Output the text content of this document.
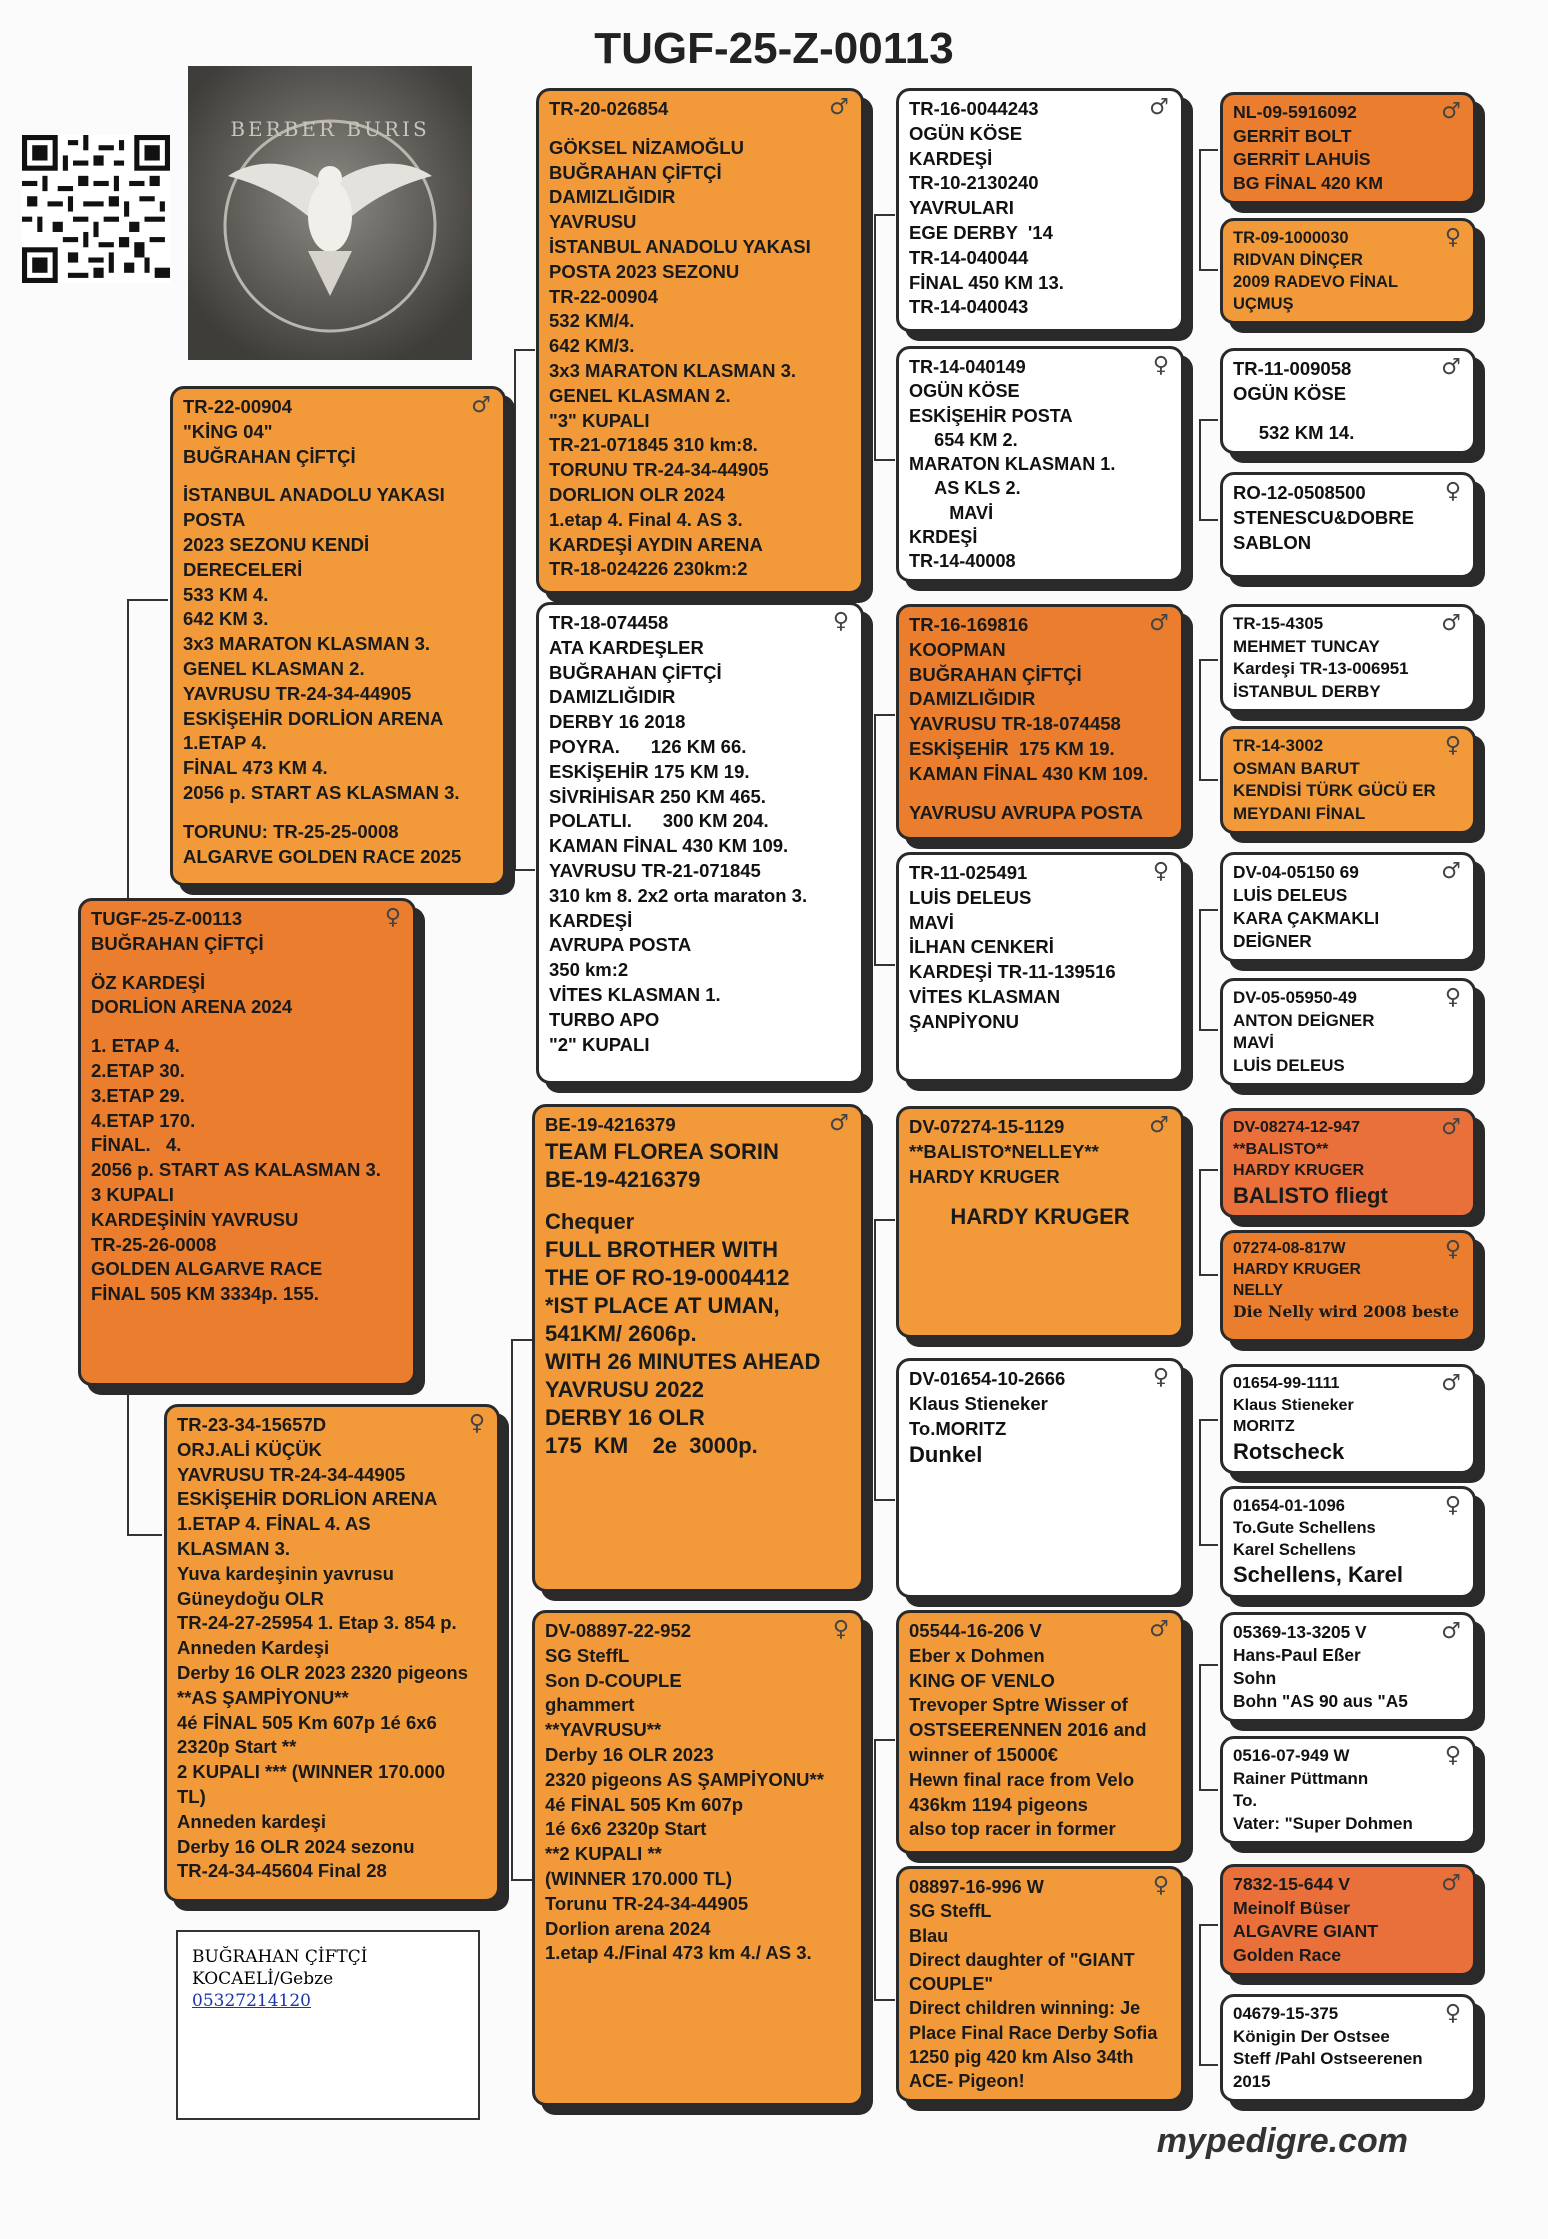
TUGF-25-Z-00113
BERBER BURIS
♀
TUGF-25-Z-00113
BUĞRAHAN ÇİFTÇİ
ÖZ KARDEŞİ
DORLİON ARENA 2024
1. ETAP 4.
2.ETAP 30.
3.ETAP 29.
4.ETAP 170.
FİNAL.   4.
2056 p. START AS KALASMAN 3.
3 KUPALI
KARDEŞİNİN YAVRUSU
TR-25-26-0008
GOLDEN ALGARVE RACE
FİNAL 505 KM 3334p. 155.
♂
TR-22-00904
"KİNG 04"
BUĞRAHAN ÇİFTÇİ
İSTANBUL ANADOLU YAKASI
POSTA
2023 SEZONU KENDİ
DERECELERİ
533 KM 4.
642 KM 3.
3x3 MARATON KLASMAN 3.
GENEL KLASMAN 2.
YAVRUSU TR-24-34-44905
ESKİŞEHİR DORLİON ARENA
1.ETAP 4.
FİNAL 473 KM 4.
2056 p. START AS KLASMAN 3.
TORUNU: TR-25-25-0008
ALGARVE GOLDEN RACE 2025
♀
TR-23-34-15657D
ORJ.ALİ KÜÇÜK
YAVRUSU TR-24-34-44905
ESKİŞEHİR DORLİON ARENA
1.ETAP 4. FİNAL 4. AS
KLASMAN 3.
Yuva kardeşinin yavrusu
Güneydoğu OLR
TR-24-27-25954 1. Etap 3. 854 p.
Anneden Kardeşi
Derby 16 OLR 2023 2320 pigeons
**AS ŞAMPİYONU**
4é FİNAL 505 Km 607p 1é 6x6
2320p Start **
2 KUPALI *** (WINNER 170.000
TL)
Anneden kardeşi
Derby 16 OLR 2024 sezonu
TR-24-34-45604 Final 28
♂
TR-20-026854
GÖKSEL NİZAMOĞLU
BUĞRAHAN ÇİFTÇİ
DAMIZLIĞIDIR
YAVRUSU
İSTANBUL ANADOLU YAKASI
POSTA 2023 SEZONU
TR-22-00904
532 KM/4.
642 KM/3.
3x3 MARATON KLASMAN 3.
GENEL KLASMAN 2.
"3" KUPALI
TR-21-071845 310 km:8.
TORUNU TR-24-34-44905
DORLION OLR 2024
1.etap 4. Final 4. AS 3.
KARDEŞİ AYDIN ARENA
TR-18-024226 230km:2
♀
TR-18-074458
ATA KARDEŞLER
BUĞRAHAN ÇİFTÇİ
DAMIZLIĞIDIR
DERBY 16 2018
POYRA.      126 KM 66.
ESKİŞEHİR 175 KM 19.
SİVRİHİSAR 250 KM 465.
POLATLI.      300 KM 204.
KAMAN FİNAL 430 KM 109.
YAVRUSU TR-21-071845
310 km 8. 2x2 orta maraton 3.
KARDEŞİ
AVRUPA POSTA
350 km:2
VİTES KLASMAN 1.
TURBO APO
"2" KUPALI
♂
BE-19-4216379
TEAM FLOREA SORIN
BE-19-4216379
Chequer
FULL BROTHER WITH
THE OF RO-19-0004412
*IST PLACE AT UMAN,
541KM/ 2606p.
WITH 26 MINUTES AHEAD
YAVRUSU 2022
DERBY 16 OLR
175  KM    2e  3000p.
♀
DV-08897-22-952
SG SteffL
Son D-COUPLE
ghammert
**YAVRUSU**
Derby 16 OLR 2023
2320 pigeons AS ŞAMPİYONU**
4é FİNAL 505 Km 607p
1é 6x6 2320p Start
**2 KUPALI **
(WINNER 170.000 TL)
Torunu TR-24-34-44905
Dorlion arena 2024
1.etap 4./Final 473 km 4./ AS 3.
♂
TR-16-0044243
OGÜN KÖSE
KARDEŞİ
TR-10-2130240
YAVRULARI
EGE DERBY  '14
TR-14-040044
FİNAL 450 KM 13.
TR-14-040043
♀
TR-14-040149
OGÜN KÖSE
ESKİŞEHİR POSTA
654 KM 2.
MARATON KLASMAN 1.
AS KLS 2.
MAVİ
KRDEŞİ
TR-14-40008
♂
TR-16-169816
KOOPMAN
BUĞRAHAN ÇİFTÇİ
DAMIZLIĞIDIR
YAVRUSU TR-18-074458
ESKİŞEHİR  175 KM 19.
KAMAN FİNAL 430 KM 109.
YAVRUSU AVRUPA POSTA
♀
TR-11-025491
LUİS DELEUS
MAVİ
İLHAN CENKERİ
KARDEŞİ TR-11-139516
VİTES KLASMAN
ŞANPİYONU
♂
DV-07274-15-1129
**BALISTO*NELLEY**
HARDY KRUGER
HARDY KRUGER
♀
DV-01654-10-2666
Klaus Stieneker
To.MORITZ
Dunkel
♂
05544-16-206 V
Eber x Dohmen
KING OF VENLO
Trevoper Sptre Wisser of
OSTSEERENNEN 2016 and
winner of 15000€
Hewn final race from Velo
436km 1194 pigeons
also top racer in former
♀
08897-16-996 W
SG SteffL
Blau
Direct daughter of "GIANT
COUPLE"
Direct children winning: Je
Place Final Race Derby Sofia
1250 pig 420 km Also 34th
ACE- Pigeon!
♂
NL-09-5916092
GERRİT BOLT
GERRİT LAHUİS
BG FİNAL 420 KM
♀
TR-09-1000030
RIDVAN DİNÇER
2009 RADEVO FİNAL
UÇMUŞ
♂
TR-11-009058
OGÜN KÖSE
532 KM 14.
♀
RO-12-0508500
STENESCU&DOBRE
SABLON
♂
TR-15-4305
MEHMET TUNCAY
Kardeşi TR-13-006951
İSTANBUL DERBY
♀
TR-14-3002
OSMAN BARUT
KENDİSİ TÜRK GÜCÜ ER
MEYDANI FİNAL
♂
DV-04-05150 69
LUİS DELEUS
KARA ÇAKMAKLI
DEİGNER
♀
DV-05-05950-49
ANTON DEİGNER
MAVİ
LUİS DELEUS
♂
DV-08274-12-947
**BALISTO**
HARDY KRUGER
BALISTO fliegt
♀
07274-08-817W
HARDY KRUGER
NELLY
Die Nelly wird 2008 beste
♂
01654-99-1111
Klaus Stieneker
MORITZ
Rotscheck
♀
01654-01-1096
To.Gute Schellens
Karel Schellens
Schellens, Karel
♂
05369-13-3205 V
Hans-Paul Eßer
Sohn
Bohn "AS 90 aus "A5
♀
0516-07-949 W
Rainer Püttmann
To.
Vater: "Super Dohmen
♂
7832-15-644 V
Meinolf Büser
ALGAVRE GIANT
Golden Race
♀
04679-15-375
Königin Der Ostsee
Steff /Pahl Ostseerenen
2015
BUĞRAHAN ÇİFTÇİ
KOCAELİ/Gebze
05327214120
mypedigre.com
